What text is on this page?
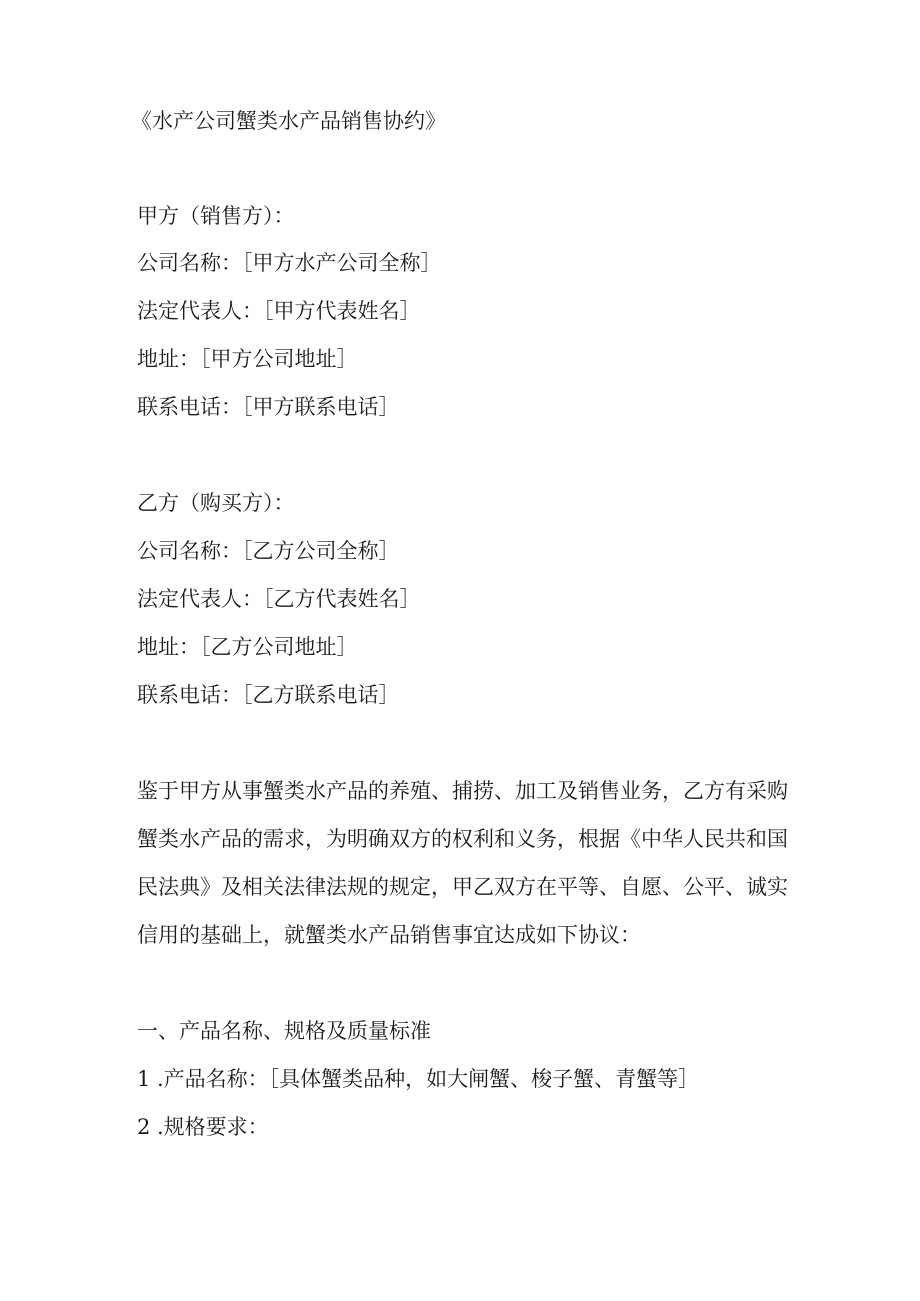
《水产公司蟹类水产品销售协约》
甲方（销售方）：
公司名称：［甲方水产公司全称］
法定代表人：［甲方代表姓名］
地址：［甲方公司地址］
联系电话：［甲方联系电话］
乙方（购买方）：
公司名称：［乙方公司全称］
法定代表人：［乙方代表姓名］
地址：［乙方公司地址］
联系电话：［乙方联系电话］
鉴于甲方从事蟹类水产品的养殖、捕捞、加工及销售业务，乙方有采购
蟹类水产品的需求，为明确双方的权利和义务，根据《中华人民共和国
民法典》及相关法律法规的规定，甲乙双方在平等、自愿、公平、诚实
信用的基础上，就蟹类水产品销售事宜达成如下协议：
一、产品名称、规格及质量标准
1 .产品名称：［具体蟹类品种，如大闸蟹、梭子蟹、青蟹等］
2 .规格要求：
